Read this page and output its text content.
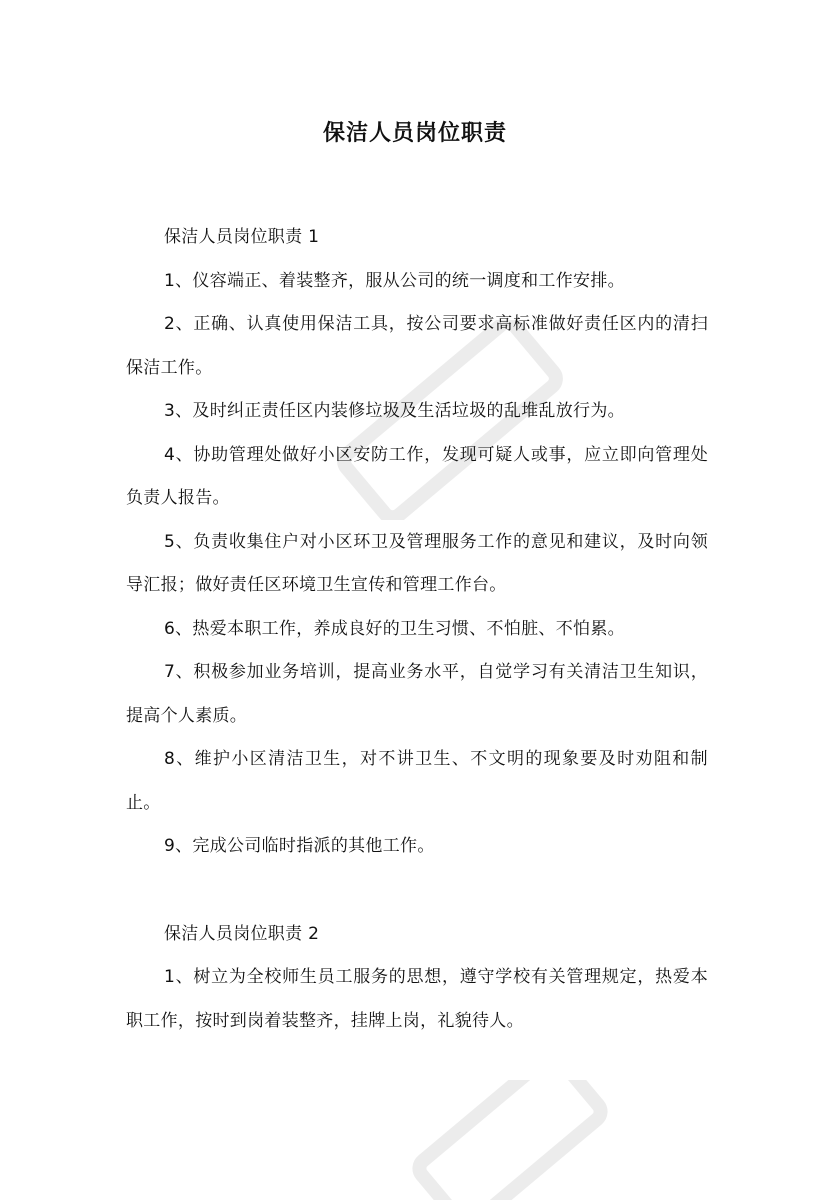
保洁人员岗位职责

保洁人员岗位职责 1

1、仪容端正、着装整齐，服从公司的统一调度和工作安排。

2、正确、认真使用保洁工具，按公司要求高标准做好责任区内的清扫保洁工作。

3、及时纠正责任区内装修垃圾及生活垃圾的乱堆乱放行为。

4、协助管理处做好小区安防工作，发现可疑人或事，应立即向管理处负责人报告。

5、负责收集住户对小区环卫及管理服务工作的意见和建议，及时向领导汇报；做好责任区环境卫生宣传和管理工作台。

6、热爱本职工作，养成良好的卫生习惯、不怕脏、不怕累。

7、积极参加业务培训，提高业务水平，自觉学习有关清洁卫生知识，提高个人素质。

8、维护小区清洁卫生，对不讲卫生、不文明的现象要及时劝阻和制止。

9、完成公司临时指派的其他工作。

保洁人员岗位职责 2

1、树立为全校师生员工服务的思想，遵守学校有关管理规定，热爱本职工作，按时到岗着装整齐，挂牌上岗，礼貌待人。
